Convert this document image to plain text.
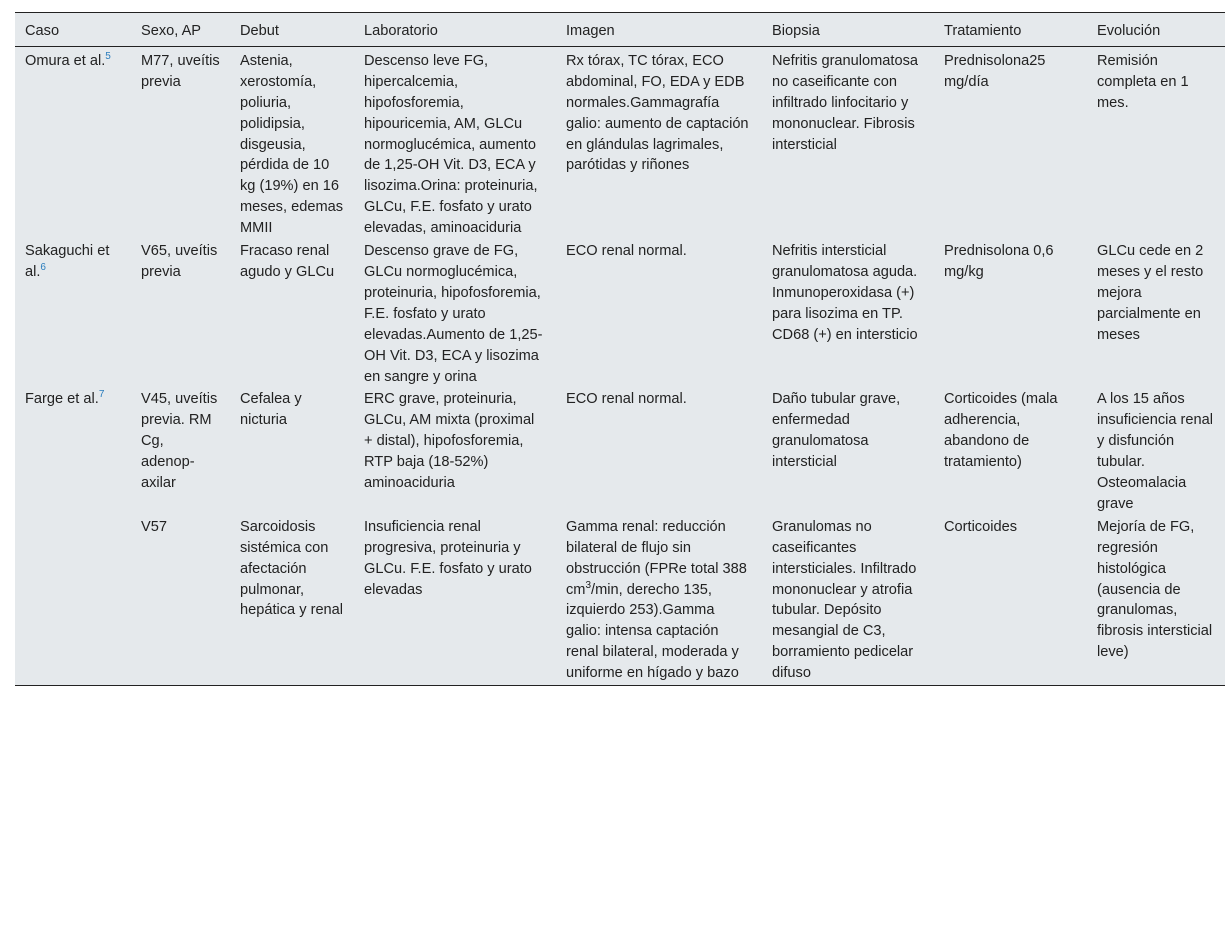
Caso	Sexo, AP	Debut	Laboratorio	Imagen	Biopsia	Tratamiento	Evolución
Omura et al.$^5$	M77, uveítis previa	Astenia, xerostomía, poliuria, polidipsia, disgeusia, pérdida de 10 kg (19%) en 16 meses, edemas MMII	Descenso leve FG, hipercalcemia, hipofosforemia, hipouricemia, AM, GLCu normoglucémica, aumento de 1,25-OH Vit. D3, ECA y lisozima.Orina: proteinuria, GLCu, F.E. fosfato y urato elevadas, aminoaciduria	Rx tórax, TC tórax, ECO abdominal, FO, EDA y EDB normales.Gammagrafía galio: aumento de captación en glándulas lagrimales, parótidas y riñones	Nefritis granulomatosa no caseificante con infiltrado linfocitario y mononuclear. Fibrosis intersticial	Prednisolona25 mg/día	Remisión completa en 1 mes.
Sakaguchi et al.$^6$	V65, uveítis previa	Fracaso renal agudo y GLCu	Descenso grave de FG, GLCu normoglucémica, proteinuria, hipofosforemia, F.E. fosfato y urato elevadas.Aumento de 1,25-OH Vit. D3, ECA y lisozima en sangre y orina	ECO renal normal.	Nefritis intersticial granulomatosa aguda. Inmunoperoxidasa (+) para lisozima en TP. CD68 (+) en intersticio	Prednisolona 0,6 mg/kg	GLCu cede en 2 meses y el resto mejora parcialmente en meses
Farge et al.$^7$	V45, uveítis previa. RM Cg, adenop-axilar	Cefalea y nicturia	ERC grave, proteinuria, GLCu, AM mixta (proximal + distal), hipofosforemia, RTP baja (18-52%) aminoaciduria	ECO renal normal.	Daño tubular grave, enfermedad granulomatosa intersticial	Corticoides (mala adherencia, abandono de tratamiento)	A los 15 años insuficiencia renal y disfunción tubular. Osteomalacia grave
	V57	Sarcoidosis sistémica con afectación pulmonar, hepática y renal	Insuficiencia renal progresiva, proteinuria y GLCu. F.E. fosfato y urato elevadas	Gamma renal: reducción bilateral de flujo sin obstrucción (FPRe total 388 $cm^3/\min$, derecho 135, izquierdo 253).Gamma galio: intensa captación renal bilateral, moderada y uniforme en hígado y bazo	Granulomas no caseificantes intersticiales. Infiltrado mononuclear y atrofia tubular. Depósito mesangial de C3, borramiento pedicelar difuso	Corticoides	Mejoría de FG, regresión histológica (ausencia de granulomas, fibrosis intersticial leve)
